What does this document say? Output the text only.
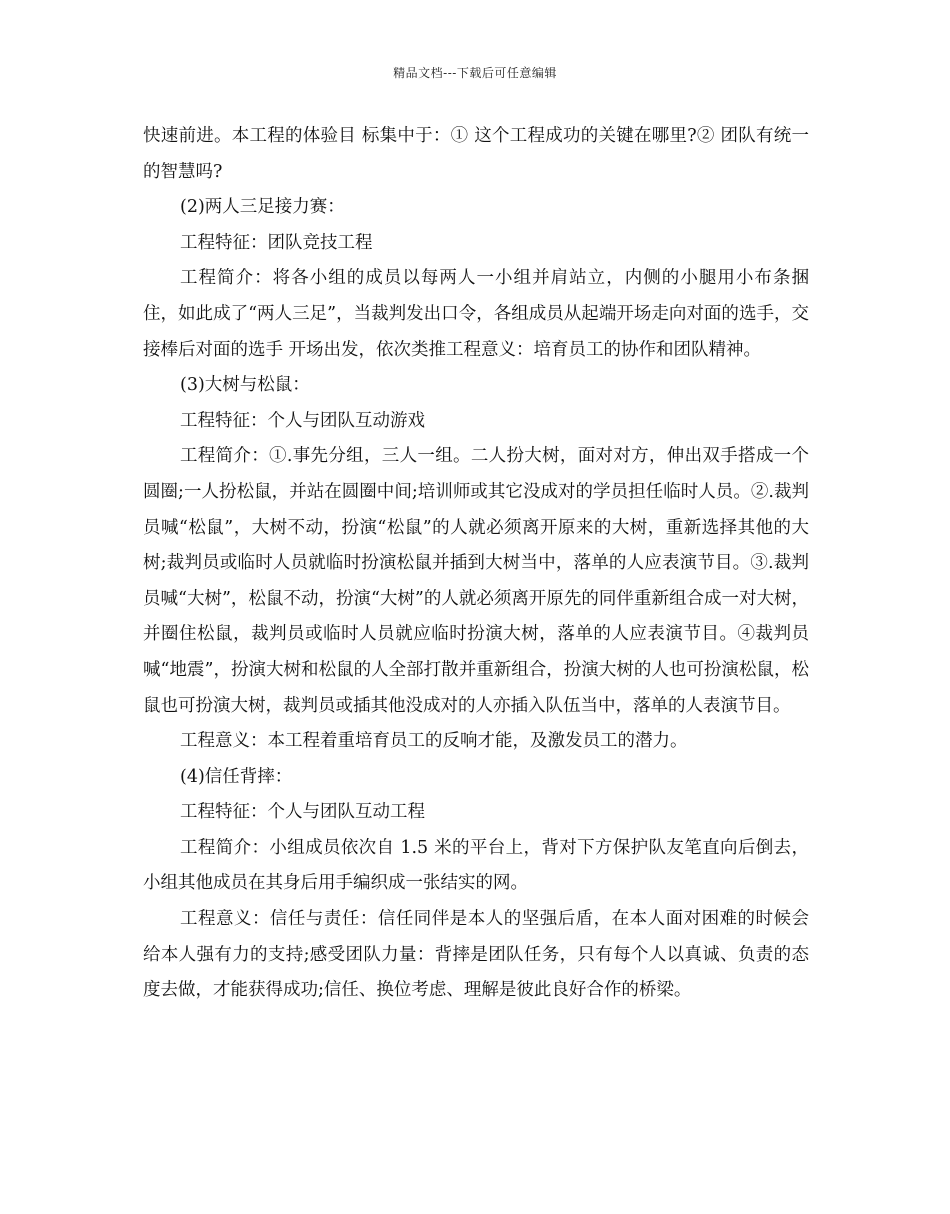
精品文档---下载后可任意编辑

快速前进。本工程的体验目 标集中于：① 这个工程成功的关键在哪里?② 团队有统一的智慧吗?

(2)两人三足接力赛：

工程特征：团队竞技工程

工程简介：将各小组的成员以每两人一小组并肩站立，内侧的小腿用小布条捆住，如此成了“两人三足”，当裁判发出口令，各组成员从起端开场走向对面的选手，交接棒后对面的选手 开场出发，依次类推工程意义：培育员工的协作和团队精神。

(3)大树与松鼠：

工程特征：个人与团队互动游戏

工程简介：①.事先分组，三人一组。二人扮大树，面对对方，伸出双手搭成一个圆圈;一人扮松鼠，并站在圆圈中间;培训师或其它没成对的学员担任临时人员。②.裁判员喊“松鼠”，大树不动，扮演“松鼠”的人就必须离开原来的大树，重新选择其他的大树;裁判员或临时人员就临时扮演松鼠并插到大树当中，落单的人应表演节目。③.裁判员喊“大树”，松鼠不动，扮演“大树”的人就必须离开原先的同伴重新组合成一对大树，并圈住松鼠，裁判员或临时人员就应临时扮演大树，落单的人应表演节目。④裁判员喊“地震”，扮演大树和松鼠的人全部打散并重新组合，扮演大树的人也可扮演松鼠，松鼠也可扮演大树，裁判员或插其他没成对的人亦插入队伍当中，落单的人表演节目。

工程意义：本工程着重培育员工的反响才能，及激发员工的潜力。

(4)信任背摔：

工程特征：个人与团队互动工程

工程简介：小组成员依次自 1.5 米的平台上，背对下方保护队友笔直向后倒去，小组其他成员在其身后用手编织成一张结实的网。

工程意义：信任与责任：信任同伴是本人的坚强后盾，在本人面对困难的时候会给本人强有力的支持;感受团队力量：背摔是团队任务，只有每个人以真诚、负责的态度去做，才能获得成功;信任、换位考虑、理解是彼此良好合作的桥梁。
